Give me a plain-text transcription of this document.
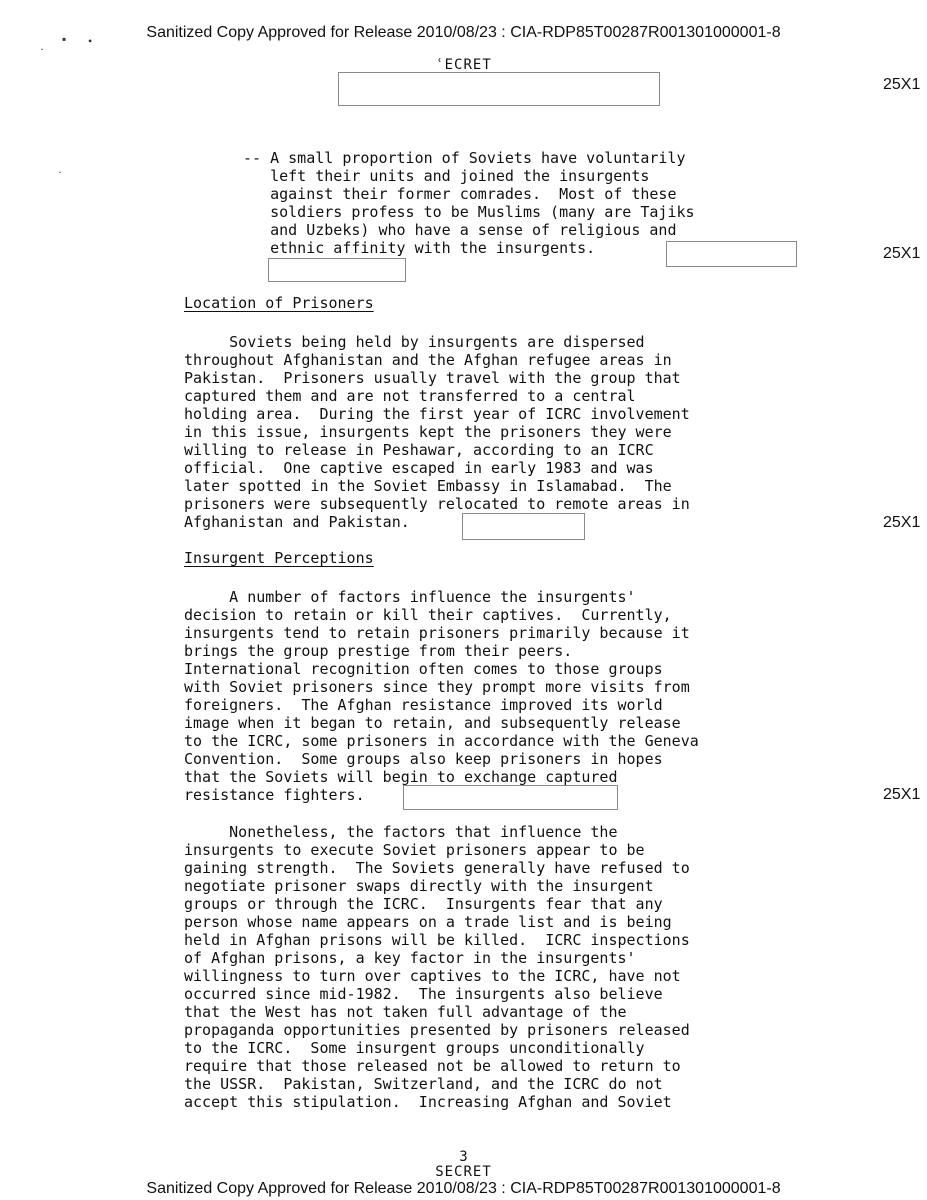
▪ •
·
·
Sanitized Copy Approved for Release 2010/08/23 : CIA-RDP85T00287R001301000001-8
ʿECRET
25X1
-- A small proportion of Soviets have voluntarily
left their units and joined the insurgents
against their former comrades.  Most of these
soldiers profess to be Muslims (many are Tajiks
and Uzbeks) who have a sense of religious and
ethnic affinity with the insurgents.	25X1
Location of Prisoners
Soviets being held by insurgents are dispersed
throughout Afghanistan and the Afghan refugee areas in
Pakistan.  Prisoners usually travel with the group that
captured them and are not transferred to a central
holding area.  During the first year of ICRC involvement
in this issue, insurgents kept the prisoners they were
willing to release in Peshawar, according to an ICRC
official.  One captive escaped in early 1983 and was
later spotted in the Soviet Embassy in Islamabad.  The
prisoners were subsequently relocated to remote areas in
Afghanistan and Pakistan.	25X1
Insurgent Perceptions
A number of factors influence the insurgents'
decision to retain or kill their captives.  Currently,
insurgents tend to retain prisoners primarily because it
brings the group prestige from their peers.
International recognition often comes to those groups
with Soviet prisoners since they prompt more visits from
foreigners.  The Afghan resistance improved its world
image when it began to retain, and subsequently release
to the ICRC, some prisoners in accordance with the Geneva
Convention.  Some groups also keep prisoners in hopes
that the Soviets will begin to exchange captured
resistance fighters.	25X1
Nonetheless, the factors that influence the
insurgents to execute Soviet prisoners appear to be
gaining strength.  The Soviets generally have refused to
negotiate prisoner swaps directly with the insurgent
groups or through the ICRC.  Insurgents fear that any
person whose name appears on a trade list and is being
held in Afghan prisons will be killed.  ICRC inspections
of Afghan prisons, a key factor in the insurgents'
willingness to turn over captives to the ICRC, have not
occurred since mid-1982.  The insurgents also believe
that the West has not taken full advantage of the
propaganda opportunities presented by prisoners released
to the ICRC.  Some insurgent groups unconditionally
require that those released not be allowed to return to
the USSR.  Pakistan, Switzerland, and the ICRC do not
accept this stipulation.  Increasing Afghan and Soviet
3
SECRET
Sanitized Copy Approved for Release 2010/08/23 : CIA-RDP85T00287R001301000001-8
